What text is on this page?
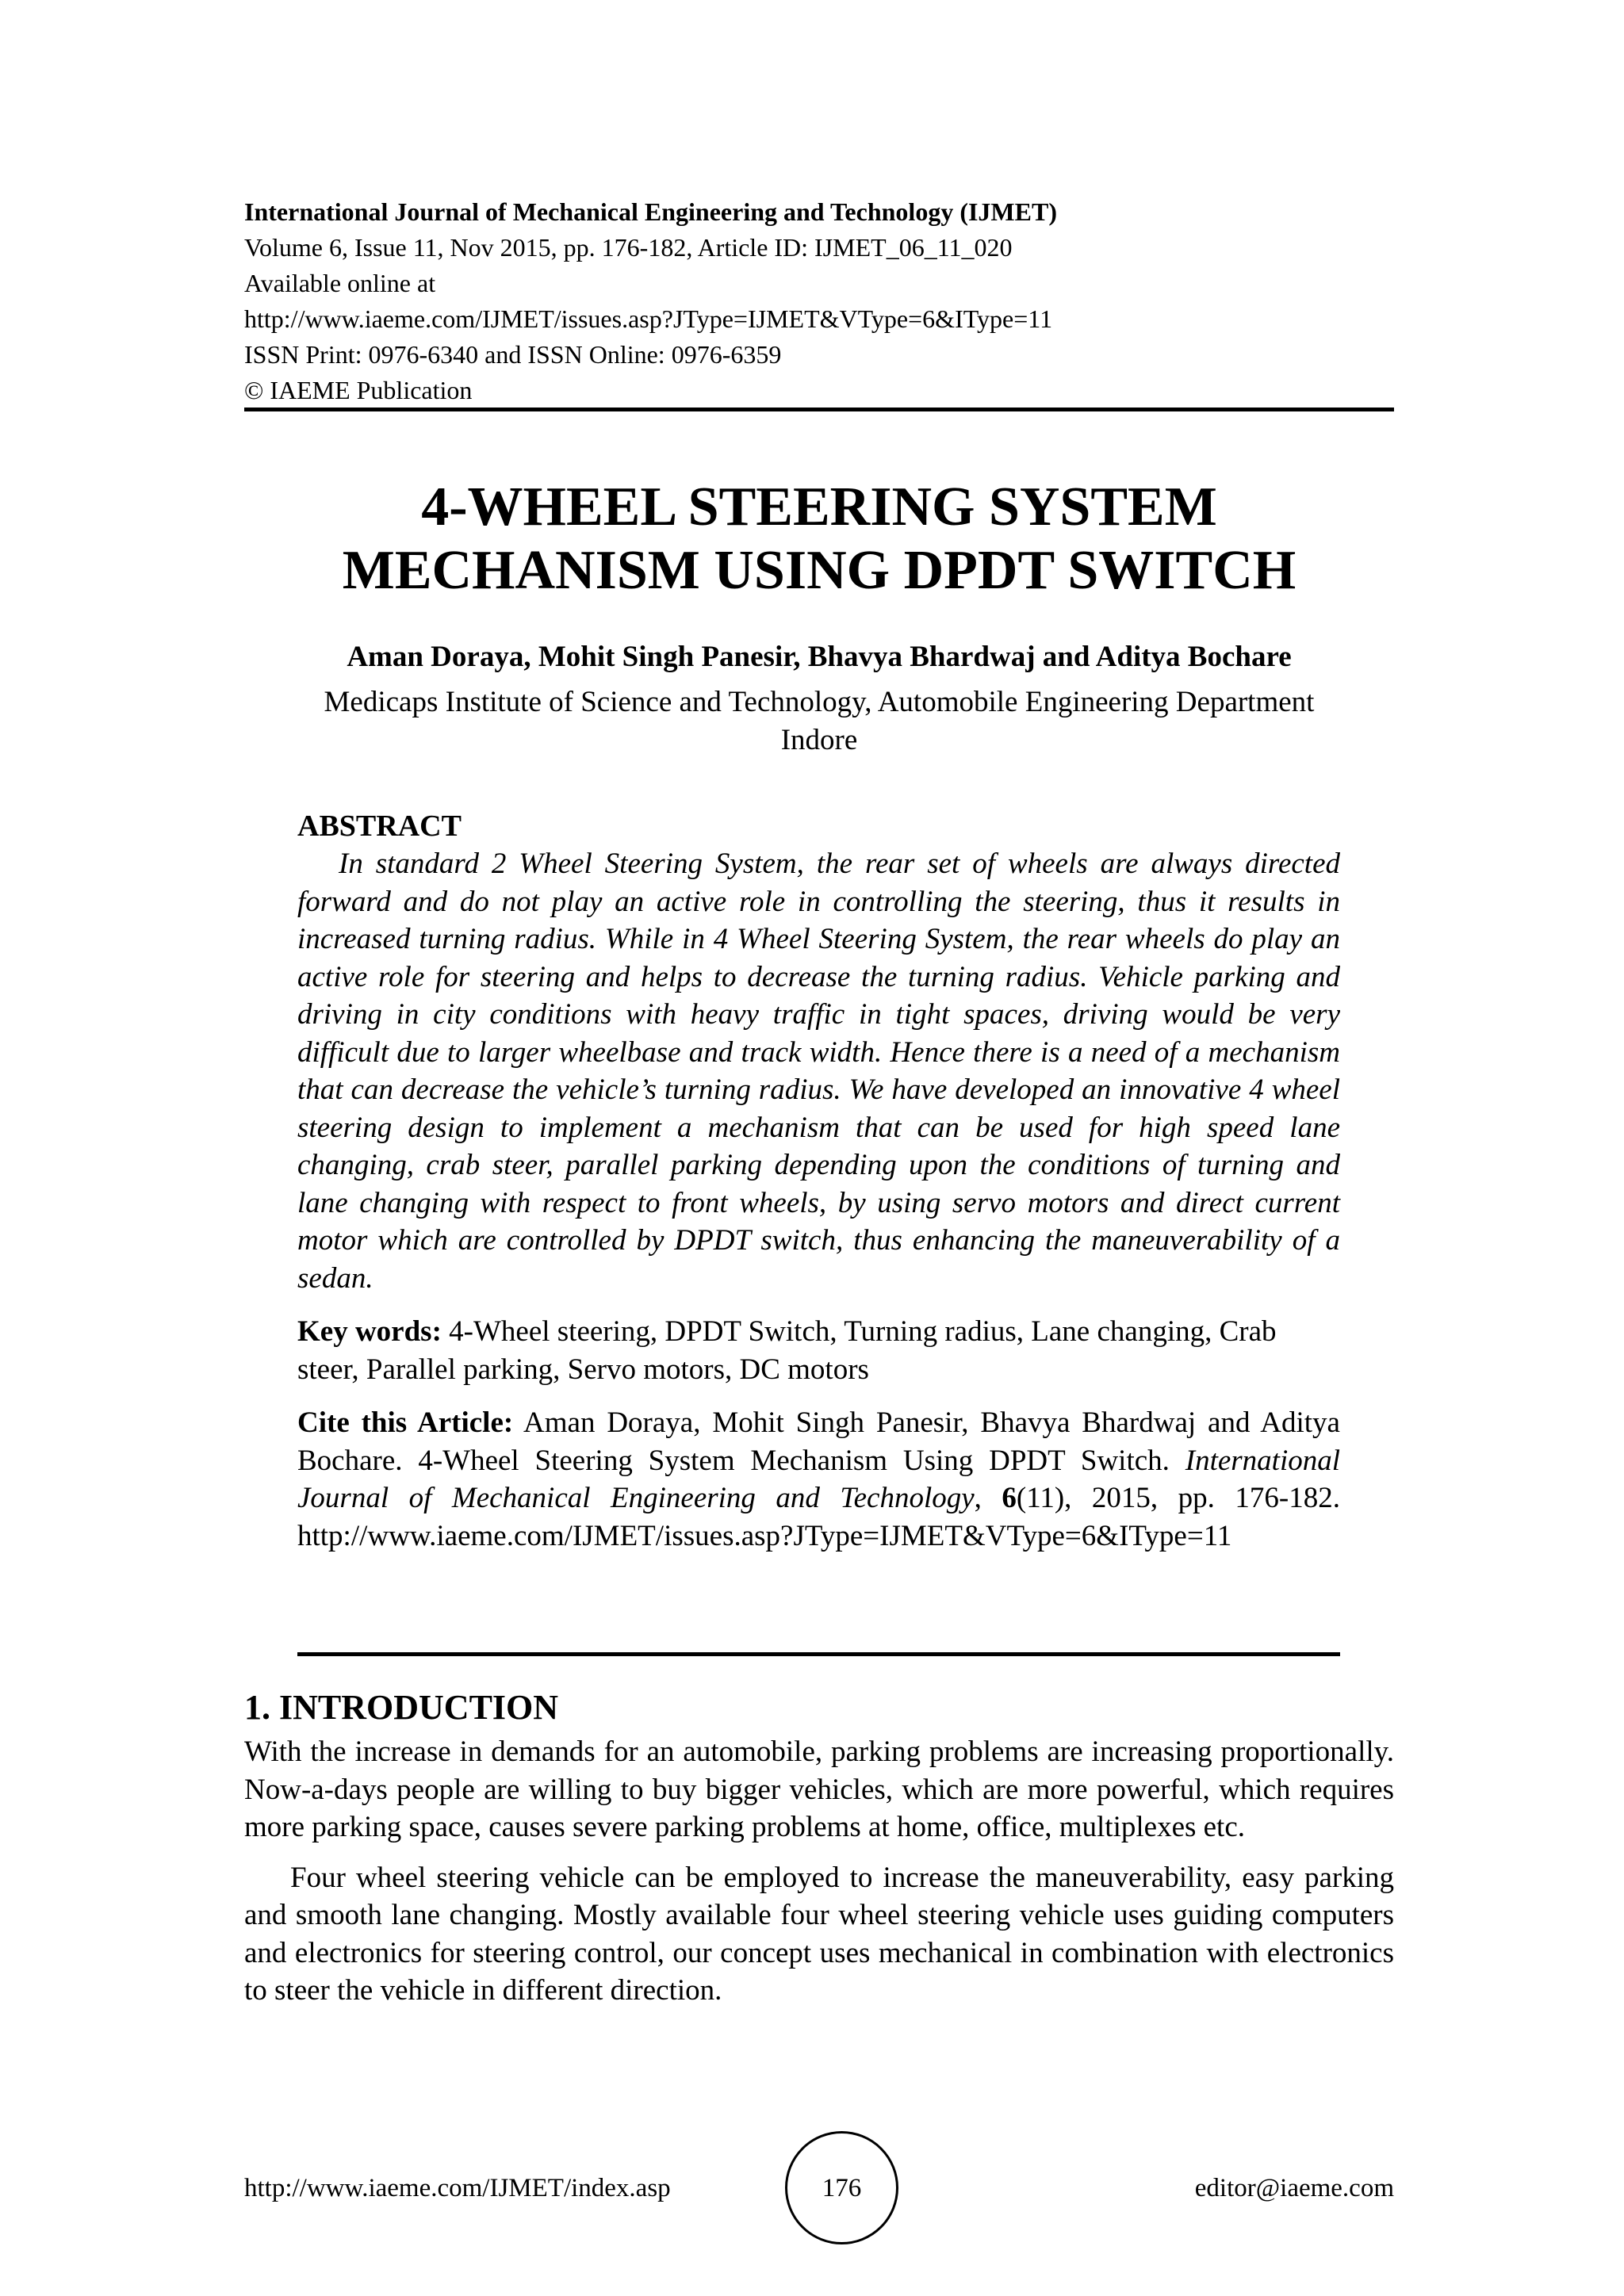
International Journal of Mechanical Engineering and Technology (IJMET)
Volume 6, Issue 11, Nov 2015, pp. 176-182, Article ID: IJMET_06_11_020
Available online at
http://www.iaeme.com/IJMET/issues.asp?JType=IJMET&VType=6&IType=11
ISSN Print: 0976-6340 and ISSN Online: 0976-6359
© IAEME Publication
4-WHEEL STEERING SYSTEM
MECHANISM USING DPDT SWITCH
Aman Doraya, Mohit Singh Panesir, Bhavya Bhardwaj and Aditya Bochare
Medicaps Institute of Science and Technology, Automobile Engineering Department
Indore
ABSTRACT

In standard 2 Wheel Steering System, the rear set of wheels are always directed forward and do not play an active role in controlling the steering, thus it results in increased turning radius. While in 4 Wheel Steering System, the rear wheels do play an active role for steering and helps to decrease the turning radius. Vehicle parking and driving in city conditions with heavy traffic in tight spaces, driving would be very difficult due to larger wheelbase and track width. Hence there is a need of a mechanism that can decrease the vehicle’s turning radius. We have developed an innovative 4 wheel steering design to implement a mechanism that can be used for high speed lane changing, crab steer, parallel parking depending upon the conditions of turning and lane changing with respect to front wheels, by using servo motors and direct current motor which are controlled by DPDT switch, thus enhancing the maneuverability of a sedan.

Key words: 4-Wheel steering, DPDT Switch, Turning radius, Lane changing, Crab steer, Parallel parking, Servo motors, DC motors

Cite this Article: Aman Doraya, Mohit Singh Panesir, Bhavya Bhardwaj and Aditya Bochare. 4-Wheel Steering System Mechanism Using DPDT Switch. International Journal of Mechanical Engineering and Technology, 6(11), 2015, pp. 176-182. http://www.iaeme.com/IJMET/issues.asp?JType=IJMET&VType=6&IType=11

1. INTRODUCTION

With the increase in demands for an automobile, parking problems are increasing proportionally. Now-a-days people are willing to buy bigger vehicles, which are more powerful, which requires more parking space, causes severe parking problems at home, office, multiplexes etc.

Four wheel steering vehicle can be employed to increase the maneuverability, easy parking and smooth lane changing. Mostly available four wheel steering vehicle uses guiding computers and electronics for steering control, our concept uses mechanical in combination with electronics to steer the vehicle in different direction.

http://www.iaeme.com/IJMET/index.asp	176	editor@iaeme.com
